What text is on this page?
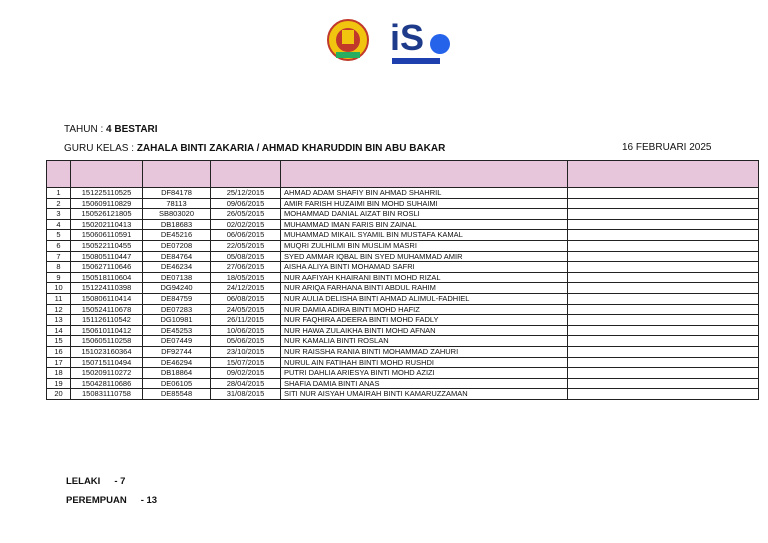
iS
TAHUN : 4 BESTARI
GURU KELAS : ZAHALA BINTI ZAKARIA / AHMAD KHARUDDIN BIN ABU BAKAR	16 FEBRUARI 2025

1	151225110525	DF84178	25/12/2015	AHMAD ADAM SHAFIY BIN AHMAD SHAHRIL	
2	150609110829	78113	09/06/2015	AMIR FARISH HUZAIMI BIN MOHD SUHAIMI	
3	150526121805	SB803020	26/05/2015	MOHAMMAD DANIAL AIZAT BIN ROSLI	
4	150202110413	DB18683	02/02/2015	MUHAMMAD IMAN FARIS BIN ZAINAL	
5	150606110591	DE45216	06/06/2015	MUHAMMAD MIKAIL SYAMIL BIN MUSTAFA KAMAL	
6	150522110455	DE07208	22/05/2015	MUQRI ZULHILMI BIN MUSLIM MASRI	
7	150805110447	DE84764	05/08/2015	SYED AMMAR IQBAL BIN SYED MUHAMMAD AMIR	
8	150627110646	DE46234	27/06/2015	AISHA ALIYA BINTI MOHAMAD SAFRI	
9	150518110604	DE07138	18/05/2015	NUR AAFIYAH KHAIRANI BINTI MOHD RIZAL	
10	151224110398	DG94240	24/12/2015	NUR ARIQA FARHANA BINTI ABDUL RAHIM	
11	150806110414	DE84759	06/08/2015	NUR AULIA DELISHA BINTI AHMAD ALIMUL-FADHIEL	
12	150524110678	DE07283	24/05/2015	NUR DAMIA ADIRA BINTI MOHD HAFIZ	
13	151126110542	DG10981	26/11/2015	NUR FAQHIRA ADEERA BINTI MOHD FADLY	
14	150610110412	DE45253	10/06/2015	NUR HAWA ZULAIKHA BINTI MOHD AFNAN	
15	150605110258	DE07449	05/06/2015	NUR KAMALIA BINTI ROSLAN	
16	151023160364	DF92744	23/10/2015	NUR RAISSHA RANIA BINTI MOHAMMAD ZAHURI	
17	150715110494	DE46294	15/07/2015	NURUL AIN FATIHAH BINTI MOHD RUSHDI	
18	150209110272	DB18864	09/02/2015	PUTRI DAHLIA ARIESYA BINTI MOHD AZIZI	
19	150428110686	DE06105	28/04/2015	SHAFIA DAMIA BINTI ANAS	
20	150831110758	DE85548	31/08/2015	SITI NUR AISYAH UMAIRAH BINTI KAMARUZZAMAN	
LELAKI - 7
PEREMPUAN - 13
